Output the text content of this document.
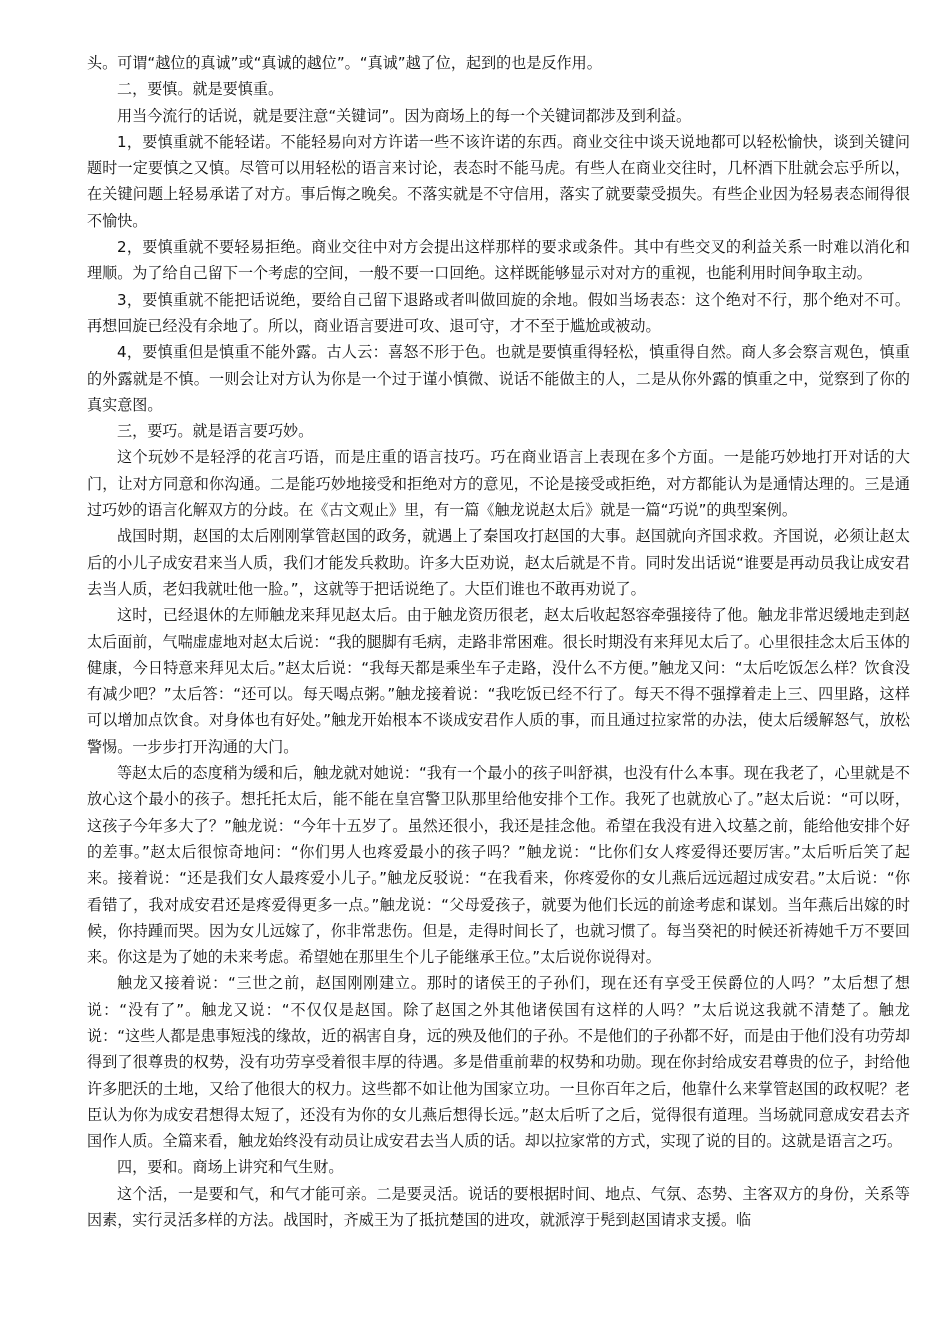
头。可谓“越位的真诚”或“真诚的越位”。“真诚”越了位，起到的也是反作用。

二，要慎。就是要慎重。

用当今流行的话说，就是要注意“关键词”。因为商场上的每一个关键词都涉及到利益。

1，要慎重就不能轻诺。不能轻易向对方许诺一些不该许诺的东西。商业交往中谈天说地都可以轻松愉快，谈到关键问题时一定要慎之又慎。尽管可以用轻松的语言来讨论，表态时不能马虎。有些人在商业交往时，几杯酒下肚就会忘乎所以，在关键问题上轻易承诺了对方。事后悔之晚矣。不落实就是不守信用，落实了就要蒙受损失。有些企业因为轻易表态闹得很不愉快。

2，要慎重就不要轻易拒绝。商业交往中对方会提出这样那样的要求或条件。其中有些交叉的利益关系一时难以消化和理顺。为了给自己留下一个考虑的空间，一般不要一口回绝。这样既能够显示对对方的重视，也能利用时间争取主动。

3，要慎重就不能把话说绝，要给自己留下退路或者叫做回旋的余地。假如当场表态：这个绝对不行，那个绝对不可。再想回旋已经没有余地了。所以，商业语言要进可攻、退可守，才不至于尴尬或被动。

4，要慎重但是慎重不能外露。古人云：喜怒不形于色。也就是要慎重得轻松，慎重得自然。商人多会察言观色，慎重的外露就是不慎。一则会让对方认为你是一个过于谨小慎微、说话不能做主的人，二是从你外露的慎重之中，觉察到了你的真实意图。

三，要巧。就是语言要巧妙。

这个玩妙不是轻浮的花言巧语，而是庄重的语言技巧。巧在商业语言上表现在多个方面。一是能巧妙地打开对话的大门，让对方同意和你沟通。二是能巧妙地接受和拒绝对方的意见，不论是接受或拒绝，对方都能认为是通情达理的。三是通过巧妙的语言化解双方的分歧。在《古文观止》里，有一篇《触龙说赵太后》就是一篇“巧说”的典型案例。

战国时期，赵国的太后刚刚掌管赵国的政务，就遇上了秦国攻打赵国的大事。赵国就向齐国求救。齐国说，必须让赵太后的小儿子成安君来当人质，我们才能发兵救助。许多大臣劝说，赵太后就是不肯。同时发出话说“谁要是再动员我让成安君去当人质，老妇我就吐他一脸。”，这就等于把话说绝了。大臣们谁也不敢再劝说了。

这时，已经退休的左师触龙来拜见赵太后。由于触龙资历很老，赵太后收起怒容牵强接待了他。触龙非常迟缓地走到赵太后面前，气喘虚虚地对赵太后说：“我的腿脚有毛病，走路非常困难。很长时期没有来拜见太后了。心里很挂念太后玉体的健康，今日特意来拜见太后。”赵太后说：“我每天都是乘坐车子走路，没什么不方便。”触龙又问：“太后吃饭怎么样？饮食没有减少吧？”太后答：“还可以。每天喝点粥。”触龙接着说：“我吃饭已经不行了。每天不得不强撑着走上三、四里路，这样可以增加点饮食。对身体也有好处。”触龙开始根本不谈成安君作人质的事，而且通过拉家常的办法，使太后缓解怒气，放松警惕。一步步打开沟通的大门。

等赵太后的态度稍为缓和后，触龙就对她说：“我有一个最小的孩子叫舒祺，也没有什么本事。现在我老了，心里就是不放心这个最小的孩子。想托托太后，能不能在皇宫警卫队那里给他安排个工作。我死了也就放心了。”赵太后说：“可以呀，这孩子今年多大了？”触龙说：“今年十五岁了。虽然还很小，我还是挂念他。希望在我没有进入坟墓之前，能给他安排个好的差事。”赵太后很惊奇地问：“你们男人也疼爱最小的孩子吗？”触龙说：“比你们女人疼爱得还要厉害。”太后听后笑了起来。接着说：“还是我们女人最疼爱小儿子。”触龙反驳说：“在我看来，你疼爱你的女儿燕后远远超过成安君。”太后说：“你看错了，我对成安君还是疼爱得更多一点。”触龙说：“父母爱孩子，就要为他们长远的前途考虑和谋划。当年燕后出嫁的时候，你持踵而哭。因为女儿远嫁了，你非常悲伤。但是，走得时间长了，也就习惯了。每当癸祀的时候还祈祷她千万不要回来。你这是为了她的未来考虑。希望她在那里生个儿子能继承王位。”太后说你说得对。

触龙又接着说：“三世之前，赵国刚刚建立。那时的诸侯王的子孙们，现在还有享受王侯爵位的人吗？”太后想了想说：“没有了”。触龙又说：“不仅仅是赵国。除了赵国之外其他诸侯国有这样的人吗？”太后说这我就不清楚了。触龙说：“这些人都是患事短浅的缘故，近的祸害自身，远的殃及他们的子孙。不是他们的子孙都不好，而是由于他们没有功劳却得到了很尊贵的权势，没有功劳享受着很丰厚的待遇。多是借重前辈的权势和功勋。现在你封给成安君尊贵的位子，封给他许多肥沃的土地，又给了他很大的权力。这些都不如让他为国家立功。一旦你百年之后，他靠什么来掌管赵国的政权呢？老臣认为你为成安君想得太短了，还没有为你的女儿燕后想得长远。”赵太后听了之后，觉得很有道理。当场就同意成安君去齐国作人质。全篇来看，触龙始终没有动员让成安君去当人质的话。却以拉家常的方式，实现了说的目的。这就是语言之巧。

四，要和。商场上讲究和气生财。

这个活，一是要和气，和气才能可亲。二是要灵活。说话的要根据时间、地点、气氛、态势、主客双方的身份，关系等因素，实行灵活多样的方法。战国时，齐威王为了抵抗楚国的进攻，就派淳于髡到赵国请求支援。临
